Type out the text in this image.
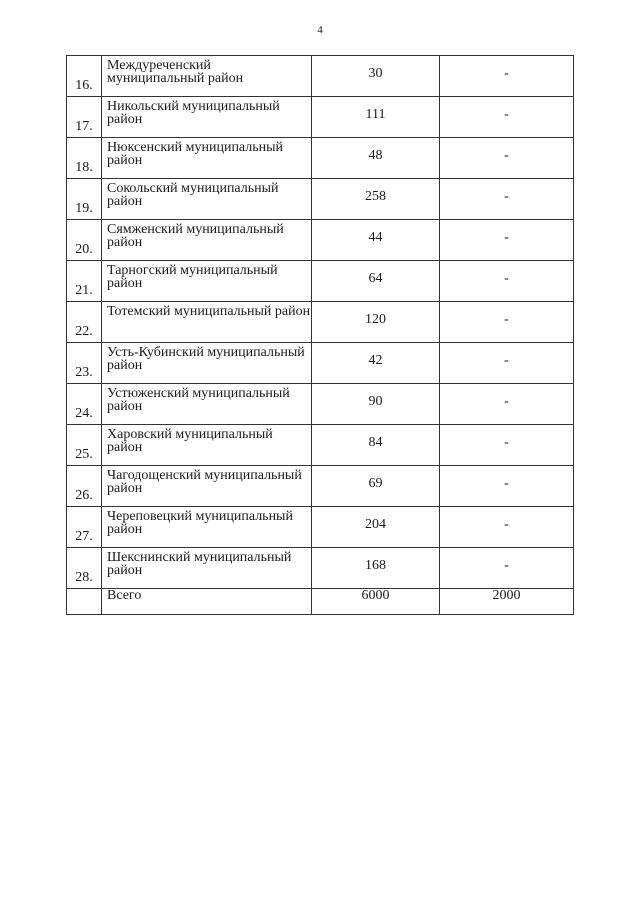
4
16.	Междуреченский муниципальный район	30	-
17.	Никольский муниципальный район	111	-
18.	Нюксенский муниципальный район	48	-
19.	Сокольский муниципальный район	258	-
20.	Сямженский муниципальный район	44	-
21.	Тарногский муниципальный район	64	-
22.	Тотемский муниципальный район	120	-
23.	Усть-Кубинский муниципальный район	42	-
24.	Устюженский муниципальный район	90	-
25.	Харовский муниципальный район	84	-
26.	Чагодощенский муниципальный район	69	-
27.	Череповецкий муниципальный район	204	-
28.	Шекснинский муниципальный район	168	-
	Всего	6000	2000
